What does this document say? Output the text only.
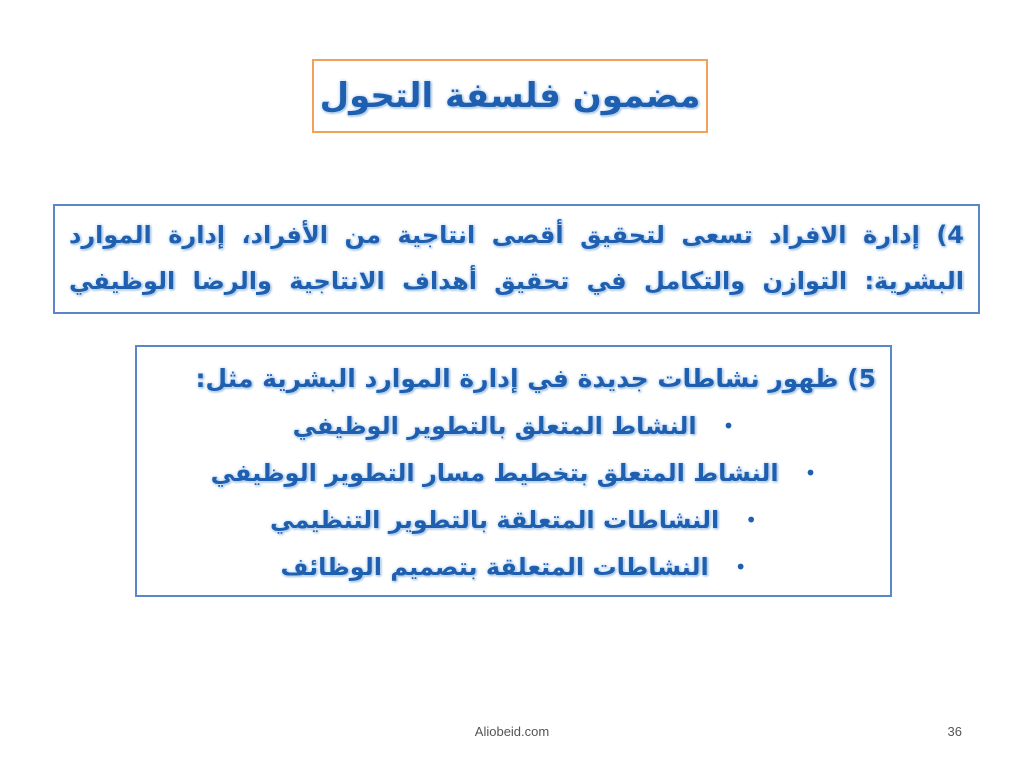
مضمون فلسفة التحول

4) إدارة الافراد تسعى لتحقيق أقصى انتاجية من الأفراد، إدارة الموارد البشرية: التوازن والتكامل في تحقيق أهداف الانتاجية والرضا الوظيفي

5) ظهور نشاطات جديدة في إدارة الموارد البشرية مثل:

•
النشاط المتعلق بالتطوير الوظيفي
•
النشاط المتعلق بتخطيط مسار التطوير الوظيفي
•
النشاطات المتعلقة بالتطوير التنظيمي
•
النشاطات المتعلقة بتصميم الوظائف
Aliobeid.com	36
